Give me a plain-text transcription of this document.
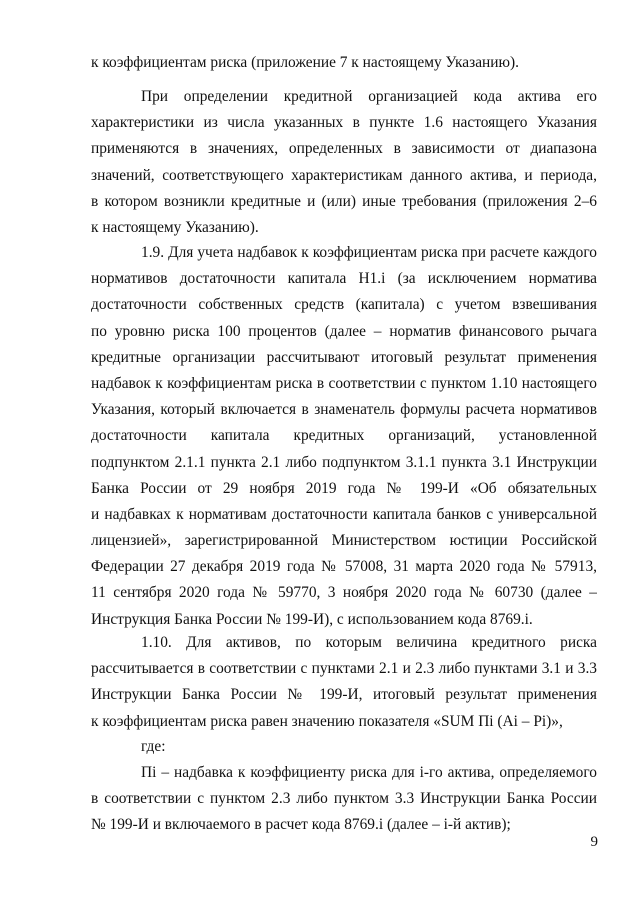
к коэффициентам риска (приложение 7 к настоящему Указанию).
При определении кредитной организацией кода актива его
характеристики из числа указанных в пункте 1.6 настоящего Указания
применяются в значениях, определенных в зависимости от диапазона
значений, соответствующего характеристикам данного актива, и периода,
в котором возникли кредитные и (или) иные требования (приложения 2–6
к настоящему Указанию).
1.9. Для учета надбавок к коэффициентам риска при расчете каждого
нормативов достаточности капитала Н1.i (за исключением норматива
достаточности собственных средств (капитала) с учетом взвешивания
по уровню риска 100 процентов (далее – норматив финансового рычага
кредитные организации рассчитывают итоговый результат применения
надбавок к коэффициентам риска в соответствии с пунктом 1.10 настоящего
Указания, который включается в знаменатель формулы расчета нормативов
достаточности капитала кредитных организаций, установленной
подпунктом 2.1.1 пункта 2.1 либо подпунктом 3.1.1 пункта 3.1 Инструкции
Банка России от 29 ноября 2019 года № 199-И «Об обязательных
и надбавках к нормативам достаточности капитала банков с универсальной
лицензией», зарегистрированной Министерством юстиции Российской
Федерации 27 декабря 2019 года № 57008, 31 марта 2020 года № 57913,
11 сентября 2020 года № 59770, 3 ноября 2020 года № 60730 (далее –
Инструкция Банка России № 199-И), с использованием кода 8769.i.
1.10. Для активов, по которым величина кредитного риска
рассчитывается в соответствии с пунктами 2.1 и 2.3 либо пунктами 3.1 и 3.3
Инструкции Банка России № 199-И, итоговый результат применения
к коэффициентам риска равен значению показателя «SUM Пi (Ai – Pi)»,
где:
Пi – надбавка к коэффициенту риска для i-го актива, определяемого
в соответствии с пунктом 2.3 либо пунктом 3.3 Инструкции Банка России
№ 199-И и включаемого в расчет кода 8769.i (далее – i-й актив);
9
